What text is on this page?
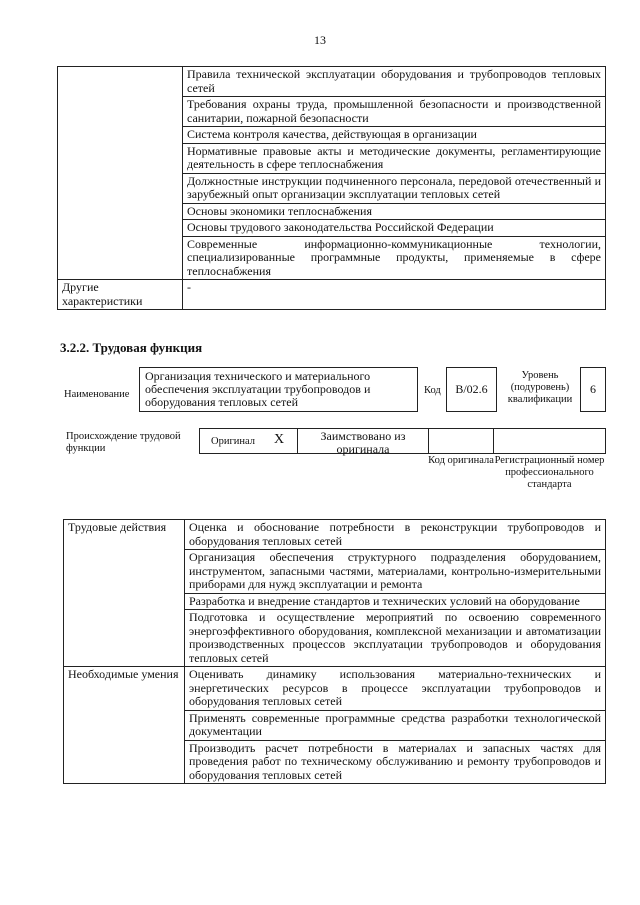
13
	Правила технической эксплуатации оборудования и трубопроводов тепловых сетей
	Требования охраны труда, промышленной безопасности и производственной санитарии, пожарной безопасности
	Система контроля качества, действующая в организации
	Нормативные правовые акты и методические документы, регламентирующие деятельность в сфере теплоснабжения
	Должностные инструкции подчиненного персонала, передовой отечественный и зарубежный опыт организации эксплуатации тепловых сетей
	Основы экономики теплоснабжения
	Основы трудового законодательства Российской Федерации
	Современные информационно-коммуникационные технологии, специализированные программные продукты, применяемые в сфере теплоснабжения
Другие характеристики	-
3.2.2. Трудовая функция
Наименование
Организация технического и материального обеспечения эксплуатации трубопроводов и оборудования тепловых сетей
Код	B/02.6
Уровень (подуровень) квалификации
6
Происхождение трудовой функции
Оригинал X	Заимствовано из оригинала
Код оригинала Регистрационный номер профессионального стандарта
Трудовые действия	Оценка и обоснование потребности в реконструкции трубопроводов и оборудования тепловых сетей
	Организация обеспечения структурного подразделения оборудованием, инструментом, запасными частями, материалами, контрольно-измерительными приборами для нужд эксплуатации и ремонта
	Разработка и внедрение стандартов и технических условий на оборудование
	Подготовка и осуществление мероприятий по освоению современного энергоэффективного оборудования, комплексной механизации и автоматизации производственных процессов эксплуатации трубопроводов и оборудования тепловых сетей
Необходимые умения	Оценивать динамику использования материально-технических и энергетических ресурсов в процессе эксплуатации трубопроводов и оборудования тепловых сетей
	Применять современные программные средства разработки технологической документации
	Производить расчет потребности в материалах и запасных частях для проведения работ по техническому обслуживанию и ремонту трубопроводов и оборудования тепловых сетей
